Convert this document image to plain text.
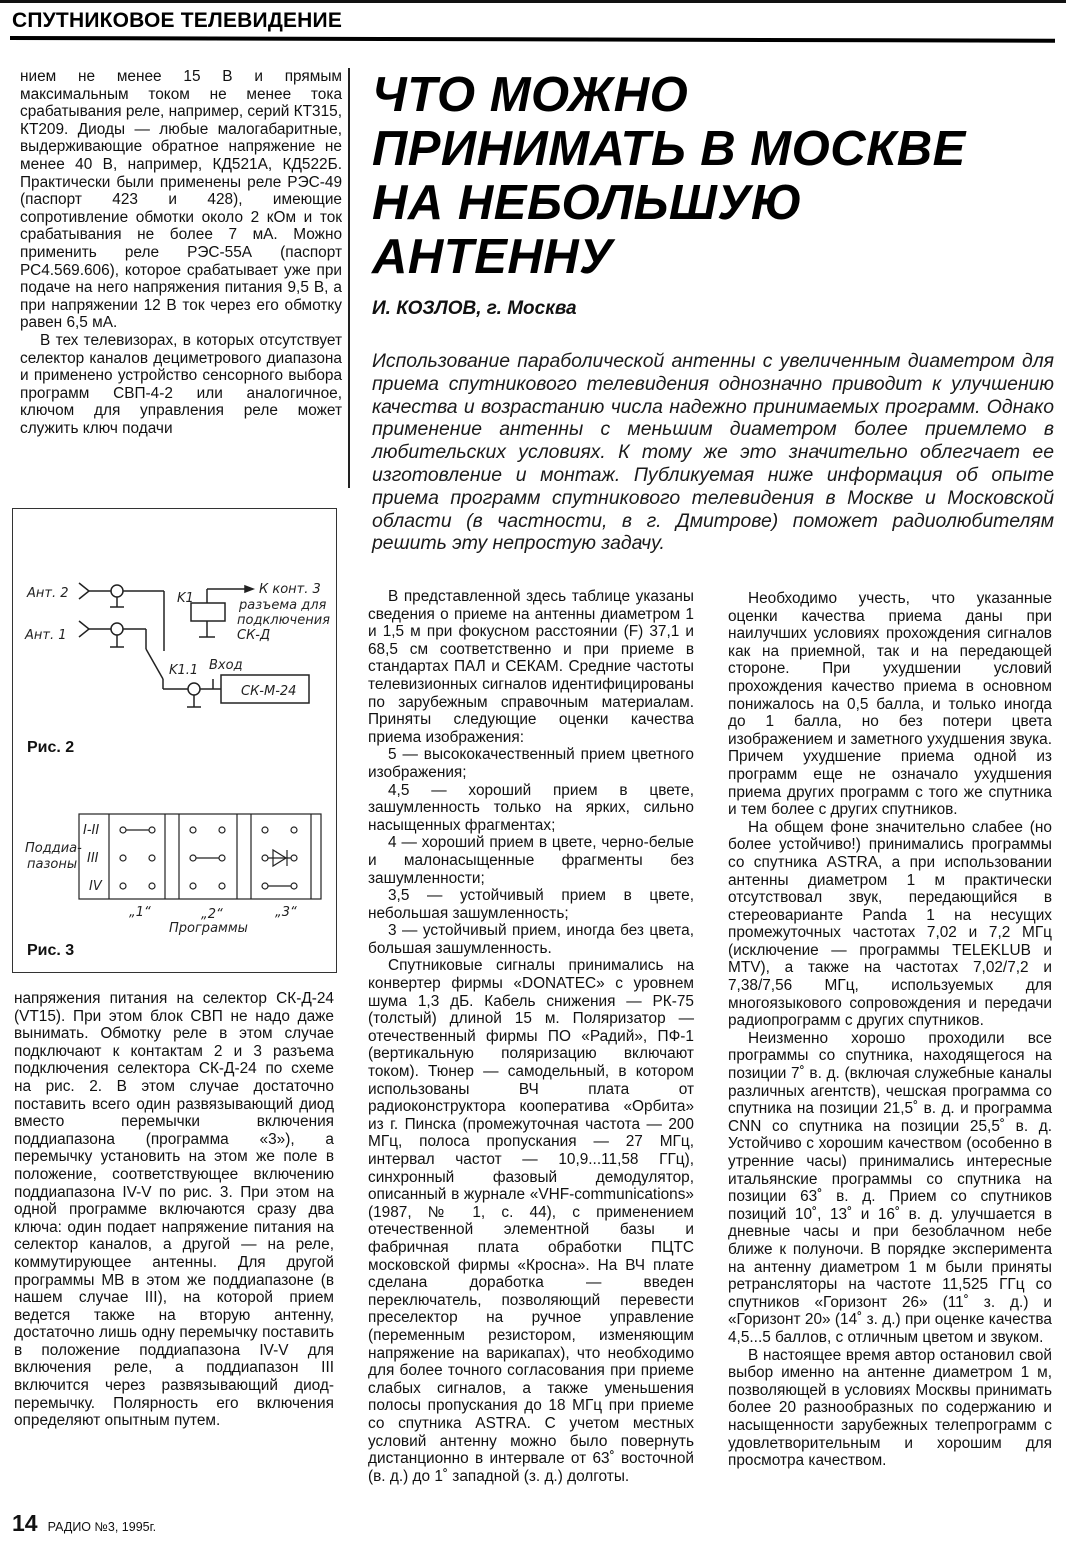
СПУТНИКОВОЕ ТЕЛЕВИДЕНИЕ

нием не менее 15 В и прямым максимальным током не менее тока срабатывания реле, например, серий КТ315, КТ209. Диоды — любые малогабаритные, выдерживающие обратное напряжение не менее 40 В, например, КД521А, КД522Б. Практически были применены реле РЭС-49 (паспорт 423 и 428), имеющие сопротивление обмотки около 2 кОм и ток срабатывания не более 7 мА. Можно применить реле РЭС-55А (паспорт РС4.569.606), которое срабатывает уже при подаче на него напряжения питания 9,5 В, а при напряжении 12 В ток через его обмотку равен 6,5 мА.

В тех телевизорах, в которых отсутствует селектор каналов дециметрового диапазона и применено устройство сенсорного выбора программ СВП-4-2 или аналогичное, ключом для управления реле может служить ключ подачи

Ант. 2
Ант. 1
K1
K1.1 Вход
СК-М-24
К конт. 3
разъема для
подключения
СК-Д
I-II
III
IV
Поддиа-
пазоны
„1“	„2“	„3“
Программы
Рис. 2
Рис. 3

напряжения питания на селектор СК-Д-24 (VT15). При этом блок СВП не надо даже вынимать. Обмотку реле в этом случае подключают к контактам 2 и 3 разъема подключения селектора СК-Д-24 по схеме на рис. 2. В этом случае достаточно поставить всего один развязывающий диод вместо перемычки включения поддиапазона (программа «3»), а перемычку установить на этом же поле в положение, соответствующее включению поддиапазона IV-V по рис. 3. При этом на одной программе включаются сразу два ключа: один подает напряжение питания на селектор каналов, а другой — на реле, коммутирующее антенны. Для другой программы МВ в этом же поддиапазоне (в нашем случае III), на которой прием ведется также на вторую антенну, достаточно лишь одну перемычку поставить в положение поддиапазона IV-V для включения реле, а поддиапазон III включится через развязывающий диод-перемычку. Полярность его включения определяют опытным путем.

ЧТО МОЖНО
ПРИНИМАТЬ В МОСКВЕ
НА НЕБОЛЬШУЮ
АНТЕННУ
И. КОЗЛОВ, г. Москва
Использование параболической антенны с увеличенным диаметром для приема спутникового телевидения однозначно приводит к улучшению качества и возрастанию числа надежно принимаемых программ. Однако применение антенны с меньшим диаметром более приемлемо в любительских условиях. К тому же это значительно облегчает ее изготовление и монтаж. Публикуемая ниже информация об опыте приема программ спутникового телевидения в Москве и Московской области (в частности, в г. Дмитрове) поможет радиолюбителям решить эту непростую задачу.

В представленной здесь таблице указаны сведения о приеме на антенны диаметром 1 и 1,5 м при фокусном расстоянии (F) 37,1 и 68,5 см соответственно и при приеме в стандартах ПАЛ и СЕКАМ. Средние частоты телевизионных сигналов идентифицированы по зарубежным справочным материалам. Приняты следующие оценки качества приема изображения:

5 — высококачественный прием цветного изображения;

4,5 — хороший прием в цвете, зашумленность только на ярких, сильно насыщенных фрагментах;

4 — хороший прием в цвете, черно-белые и малонасыщенные фрагменты без зашумленности;

3,5 — устойчивый прием в цвете, небольшая зашумленность;

3 — устойчивый прием, иногда без цвета, большая зашумленность.

Спутниковые сигналы принимались на конвертер фирмы «DONATEC» с уровнем шума 1,3 дБ. Кабель снижения — РК-75 (толстый) длиной 15 м. Поляризатор — отечественный фирмы ПО «Радий», ПФ-1 (вертикальную поляризацию включают током). Тюнер — самодельный, в котором использованы ВЧ плата от радиоконструктора кооператива «Орбита» из г. Пинска (промежуточная частота — 200 МГц, полоса пропускания — 27 МГц, интервал частот — 10,9...11,58 ГГц), синхронный фазовый демодулятор, описанный в журнале «VHF-communications» (1987, № 1, с. 44), с применением отечественной элементной базы и фабричная плата обработки ПЦТС московской фирмы «Кросна». На ВЧ плате сделана доработка — введен переключатель, позволяющий перевести преселектор на ручное управление (переменным резистором, изменяющим напряжение на варикапах), что необходимо для более точного согласования при приеме слабых сигналов, а также уменьшения полосы пропускания до 18 МГц при приеме со спутника ASTRA. С учетом местных условий антенну можно было повернуть дистанционно в интервале от 63˚ восточной (в. д.) до 1˚ западной (з. д.) долготы.

Необходимо учесть, что указанные оценки качества приема даны при наилучших условиях прохождения сигналов как на приемной, так и на передающей стороне. При ухудшении условий прохождения качество приема в основном понижалось на 0,5 балла, и только иногда до 1 балла, но без потери цвета изображением и заметного ухудшения звука. Причем ухудшение приема одной из программ еще не означало ухудшения приема других программ с того же спутника и тем более с других спутников.

На общем фоне значительно слабее (но более устойчиво!) принимались программы со спутника ASTRA, а при использовании антенны диаметром 1 м практически отсутствовал звук, передающийся в стереоварианте Panda 1 на несущих промежуточных частотах 7,02 и 7,2 МГц (исключение — программы TELEKLUB и MTV), а также на частотах 7,02/7,2 и 7,38/7,56 МГц, используемых для многоязыкового сопровождения и передачи радиопрограмм с других спутников.

Неизменно хорошо проходили все программы со спутника, находящегося на позиции 7˚ в. д. (включая служебные каналы различных агентств), чешская программа со спутника на позиции 21,5˚ в. д. и программа CNN со спутника на позиции 25,5˚ в. д. Устойчиво с хорошим качеством (особенно в утренние часы) принимались интересные итальянские программы со спутника на позиции 63˚ в. д. Прием со спутников позиций 10˚, 13˚ и 16˚ в. д. улучшается в дневные часы и при безоблачном небе ближе к полуночи. В порядке эксперимента на антенну диаметром 1 м были приняты ретрансляторы на частоте 11,525 ГГц со спутников «Горизонт 26» (11˚ з. д.) и «Горизонт 20» (14˚ з. д.) при оценке качества 4,5...5 баллов, с отличным цветом и звуком.

В настоящее время автор остановил свой выбор именно на антенне диаметром 1 м, позволяющей в условиях Москвы принимать более 20 разнообразных по содержанию и насыщенности зарубежных телепрограмм с удовлетворительным и хорошим для просмотра качеством.

14 РАДИО №3, 1995г.
